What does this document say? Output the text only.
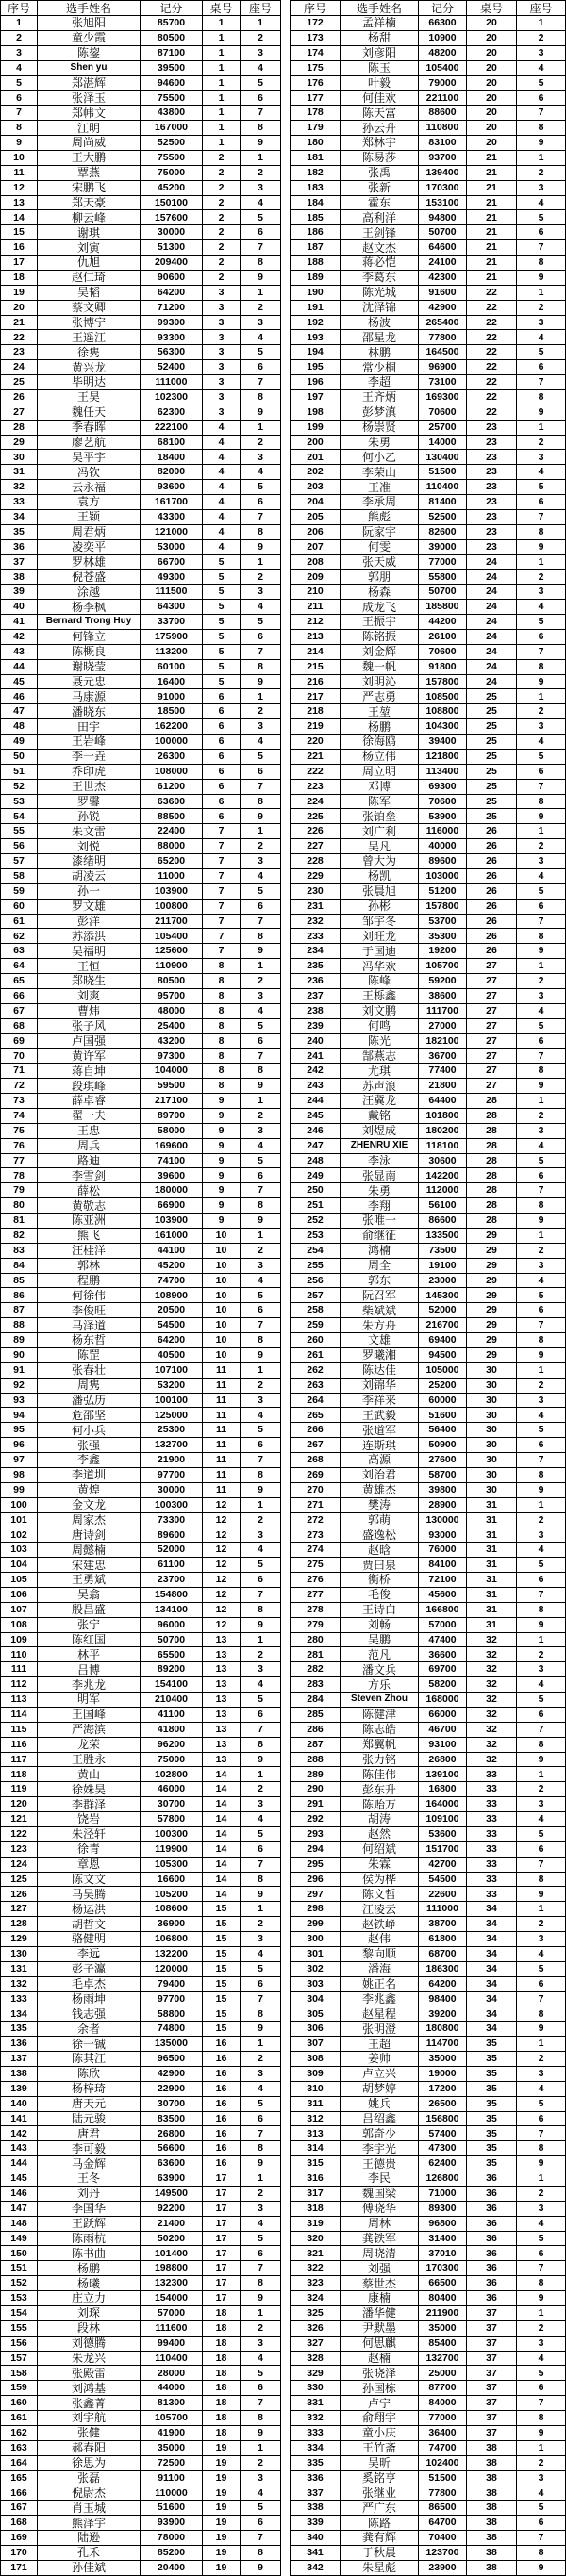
序号	选手姓名	记分	桌号	座号
1	张旭阳	85700	1	1
2	童少霞	80500	1	2
3	陈鋆	87100	1	3
4	Shen yu	39500	1	4
5	郑湛辉	94600	1	5
6	张泽玉	75500	1	6
7	郑帏文	43800	1	7
8	江明	167000	1	8
9	周尚威	52500	1	9
10	王大鹏	75500	2	1
11	覃燕	75000	2	2
12	宋鹏飞	45200	2	3
13	郑天豪	150100	2	4
14	柳云峰	157600	2	5
15	谢琪	30000	2	6
16	刘寅	51300	2	7
17	仇旭	209400	2	8
18	赵仁琦	90600	2	9
19	吴韬	64200	3	1
20	蔡文卿	71200	3	2
21	张博宁	99300	3	3
22	王遥江	93300	3	4
23	徐隽	56300	3	5
24	黄兴龙	52400	3	6
25	毕明达	111000	3	7
26	王昊	102300	3	8
27	魏任天	62300	3	9
28	季春晖	222100	4	1
29	廖艺航	68100	4	2
30	吴平宇	18400	4	3
31	冯钦	82000	4	4
32	云永福	93600	4	5
33	袁方	161700	4	6
34	王颖	43300	4	7
35	周君炳	121000	4	8
36	凌奕平	53000	4	9
37	罗林雄	66700	5	1
38	倪苍盛	49300	5	2
39	涂越	111500	5	3
40	杨李枫	64300	5	4
41	Bernard Trong Huy	33700	5	5
42	何锋立	175900	5	6
43	陈概良	113200	5	7
44	谢晓莹	60100	5	8
45	聂元忠	16400	5	9
46	马康源	91000	6	1
47	潘晓东	18500	6	2
48	田宇	162200	6	3
49	王岩峰	100000	6	4
50	李一垚	26300	6	5
51	乔印虎	108000	6	6
52	王世杰	61200	6	7
53	罗馨	63600	6	8
54	孙锐	88500	6	9
55	朱文雷	22400	7	1
56	刘悦	88000	7	2
57	漆绪明	65200	7	3
58	胡凌云	11000	7	4
59	孙一	103900	7	5
60	罗文雄	100800	7	6
61	彭洋	211700	7	7
62	苏添洪	105400	7	8
63	吴福明	125600	7	9
64	王恒	110900	8	1
65	郑晓生	80500	8	2
66	刘爽	95700	8	3
67	曹炜	48000	8	4
68	张子风	25400	8	5
69	卢国强	43200	8	6
70	黄许军	97300	8	7
71	蒋自坤	104000	8	8
72	段琪峰	59500	8	9
73	薛卓睿	217100	9	1
74	翟一夫	89700	9	2
75	王忠	58000	9	3
76	周兵	169600	9	4
77	路迪	74100	9	5
78	李雪剑	39600	9	6
79	薛松	180000	9	7
80	黄敬志	66900	9	8
81	陈亚洲	103900	9	9
82	熊飞	161000	10	1
83	汪桂洋	44100	10	2
84	郭林	45200	10	3
85	程鹏	74700	10	4
86	何徐伟	108900	10	5
87	李俊旺	20500	10	6
88	马泽道	54500	10	7
89	杨东哲	64200	10	8
90	陈罡	40500	10	9
91	张春壮	107100	11	1
92	周隽	53200	11	2
93	潘弘历	100100	11	3
94	危邵坚	125000	11	4
95	何小兵	25300	11	5
96	张强	132700	11	6
97	李鑫	21900	11	7
98	李道圳	97700	11	8
99	黄煌	30000	11	9
100	金文龙	100300	12	1
101	周家杰	73300	12	2
102	唐诗剑	89600	12	3
103	周懿楠	52000	12	4
104	宋建忠	61100	12	5
105	王勇斌	23700	12	6
106	吴翕	154800	12	7
107	殷昌盛	134100	12	8
108	张宁	96000	12	9
109	陈红国	50700	13	1
110	林平	65500	13	2
111	吕博	89200	13	3
112	李兆龙	154100	13	4
113	明军	210400	13	5
114	王国峰	41100	13	6
115	严海滨	41800	13	7
116	龙荣	96200	13	8
117	王胜永	75000	13	9
118	黄山	102800	14	1
119	徐姝昊	46000	14	2
120	李群泽	30700	14	3
121	饶岩	57800	14	4
122	朱泾轩	100300	14	5
123	徐青	119900	14	6
124	章恩	105300	14	7
125	陈文文	16600	14	8
126	马昊腾	105200	14	9
127	杨运洪	108600	15	1
128	胡哲文	36900	15	2
129	骆健明	106800	15	3
130	李远	132200	15	4
131	彭子瀛	120000	15	5
132	毛卓杰	79400	15	6
133	杨雨坤	97700	15	7
134	钱志强	58800	15	8
135	余者	74800	15	9
136	徐一铖	135000	16	1
137	陈其江	96500	16	2
138	陈欣	42900	16	3
139	杨梓琦	22900	16	4
140	唐天元	30700	16	5
141	陆元骏	83500	16	6
142	唐君	26800	16	7
143	李可毅	56600	16	8
144	马金辉	63600	16	9
145	王冬	63900	17	1
146	刘丹	149500	17	2
147	李国华	92200	17	3
148	王跃辉	21400	17	4
149	陈雨杭	50200	17	5
150	陈书曲	101400	17	6
151	杨鹏	198800	17	7
152	杨曦	132300	17	8
153	庄立力	154000	17	9
154	刘琛	57000	18	1
155	段林	111600	18	2
156	刘德腾	99400	18	3
157	朱龙兴	110400	18	4
158	张殿雷	28000	18	5
159	刘鸿基	44000	18	6
160	张鑫菁	81300	18	7
161	刘宇航	105700	18	8
162	张健	41900	18	9
163	郝春阳	35000	19	1
164	徐思为	72500	19	2
165	张磊	91100	19	3
166	倪尉杰	110000	19	4
167	肖玉城	51600	19	5
168	熊泽宇	93900	19	6
169	陆逊	78000	19	7
170	孔禾	85200	19	8
171	孙佳斌	20400	19	9
序号	选手姓名	记分	桌号	座号
172	孟祥楠	66300	20	1
173	杨甜	10900	20	2
174	刘彦阳	48200	20	3
175	陈玉	105400	20	4
176	叶毅	79000	20	5
177	何佳欢	221100	20	6
178	陈天富	88600	20	7
179	孙云升	110800	20	8
180	郑林宇	83100	20	9
181	陈易莎	93700	21	1
182	张禹	139400	21	2
183	张新	170300	21	3
184	霍东	153100	21	4
185	高利洋	94800	21	5
186	王剑锋	50700	21	6
187	赵文杰	64600	21	7
188	蒋必恺	24100	21	8
189	李葛东	42300	21	9
190	陈光城	91600	22	1
191	沈泽锦	42900	22	2
192	杨波	265400	22	3
193	邵星龙	77800	22	4
194	林鹏	164500	22	5
195	常少桐	96900	22	6
196	李超	73100	22	7
197	王齐炳	169300	22	8
198	彭梦滇	70600	22	9
199	杨崇贤	25700	23	1
200	朱勇	14000	23	2
201	何小乙	130400	23	3
202	李荣山	51500	23	4
203	王准	110400	23	5
204	李承周	81400	23	6
205	熊彪	52500	23	7
206	阮家宇	82600	23	8
207	何雯	39000	23	9
208	张天威	77000	24	1
209	郭朋	55800	24	2
210	杨森	50700	24	3
211	成龙飞	185800	24	4
212	王振宇	44200	24	5
213	陈铭振	26100	24	6
214	刘金辉	70600	24	7
215	魏一帆	91800	24	8
216	刘明沁	157800	24	9
217	严志勇	108500	25	1
218	王堃	108800	25	2
219	杨鹏	104300	25	3
220	徐海鸥	39400	25	4
221	杨立伟	121800	25	5
222	周立明	113400	25	6
223	邓博	69300	25	7
224	陈军	70600	25	8
225	张铂垒	53900	25	9
226	刘广利	116000	26	1
227	吴凡	40000	26	2
228	曾大为	89600	26	3
229	杨凯	103000	26	4
230	张晨旭	51200	26	5
231	孙彬	157800	26	6
232	邹宇冬	53700	26	7
233	刘旺龙	35300	26	8
234	于国迪	19200	26	9
235	冯华欢	105700	27	1
236	陈峰	59200	27	2
237	王栎鑫	38600	27	3
238	刘文鹏	111700	27	4
239	何鸣	27000	27	5
240	陈光	182100	27	6
241	郜燕志	36700	27	7
242	尤琪	77400	27	8
243	苏声浪	21800	27	9
244	汪冀龙	64400	28	1
245	戴铭	101800	28	2
246	刘煜成	180200	28	3
247	ZHENRU XIE	118100	28	4
248	李泳	30600	28	5
249	张显南	142200	28	6
250	朱勇	112000	28	7
251	李翔	56100	28	8
252	张唯一	86600	28	9
253	俞继征	133500	29	1
254	鸿楠	73500	29	2
255	周全	19100	29	3
256	郭东	23000	29	4
257	阮召军	145300	29	5
258	柴斌斌	52000	29	6
259	朱方舟	216700	29	7
260	文雄	69400	29	8
261	罗曦湘	94500	29	9
262	陈达佳	105000	30	1
263	刘锦华	25200	30	2
264	李祥来	60000	30	3
265	王武毅	51600	30	4
266	张道军	56400	30	5
267	连斯琪	50900	30	6
268	高源	27600	30	7
269	刘治君	58700	30	8
270	黄雄杰	39800	30	9
271	樊涛	28900	31	1
272	郭萌	130000	31	2
273	盛逸松	93000	31	3
274	赵晗	76000	31	4
275	贾曰泉	84100	31	5
276	衡桥	72100	31	6
277	毛俊	45600	31	7
278	王诗白	166800	31	8
279	刘畅	57000	31	9
280	吴鹏	47400	32	1
281	范凡	36600	32	2
282	潘文兵	69700	32	3
283	方乐	58200	32	4
284	Steven Zhou	168000	32	5
285	陈健津	66000	32	6
286	陈志皓	46700	32	7
287	郑翼帆	93100	32	8
288	张力铭	26800	32	9
289	陈佳伟	139100	33	1
290	彭东升	16800	33	2
291	陈贻万	164000	33	3
292	胡涛	109100	33	4
293	赵然	53600	33	5
294	何绍斌	151700	33	6
295	朱霖	42700	33	7
296	侯为桦	54500	33	8
297	陈文哲	22600	33	9
298	江凌云	111000	34	1
299	赵铁峥	38700	34	2
300	赵伟	61800	34	3
301	黎向顺	68700	34	4
302	潘海	186300	34	5
303	姚正名	64200	34	6
304	李兆鑫	98400	34	7
305	赵星程	39200	34	8
306	张明澄	180800	34	9
307	王超	114700	35	1
308	姜帅	35000	35	2
309	卢立兴	19000	35	3
310	胡梦婷	17200	35	4
311	姚兵	26500	35	5
312	吕绍鑫	156800	35	6
313	郭奇少	57400	35	7
314	李宇光	47300	35	8
315	王德贵	62400	35	9
316	李民	126800	36	1
317	魏国梁	71000	36	2
318	傅晓华	89300	36	3
319	周林	96800	36	4
320	龚铁军	31400	36	5
321	周晓清	37010	36	6
322	刘强	170300	36	7
323	蔡世杰	66500	36	8
324	康楠	80400	36	9
325	潘华健	211900	37	1
326	尹默墨	35000	37	2
327	何思麒	85400	37	3
328	赵楠	132700	37	4
329	张晓泽	25000	37	5
330	孙国栋	87700	37	6
331	卢宁	84000	37	7
332	俞翔宇	77000	37	8
333	童小庆	36400	37	9
334	王竹斋	74700	38	1
335	吴昕	102400	38	2
336	奚铭亨	51500	38	3
337	张继业	77800	38	4
338	严广东	86500	38	5
339	陈路	64700	38	6
340	龚有辉	70400	38	7
341	于秋晨	123700	38	8
342	朱星彪	23900	38	9
